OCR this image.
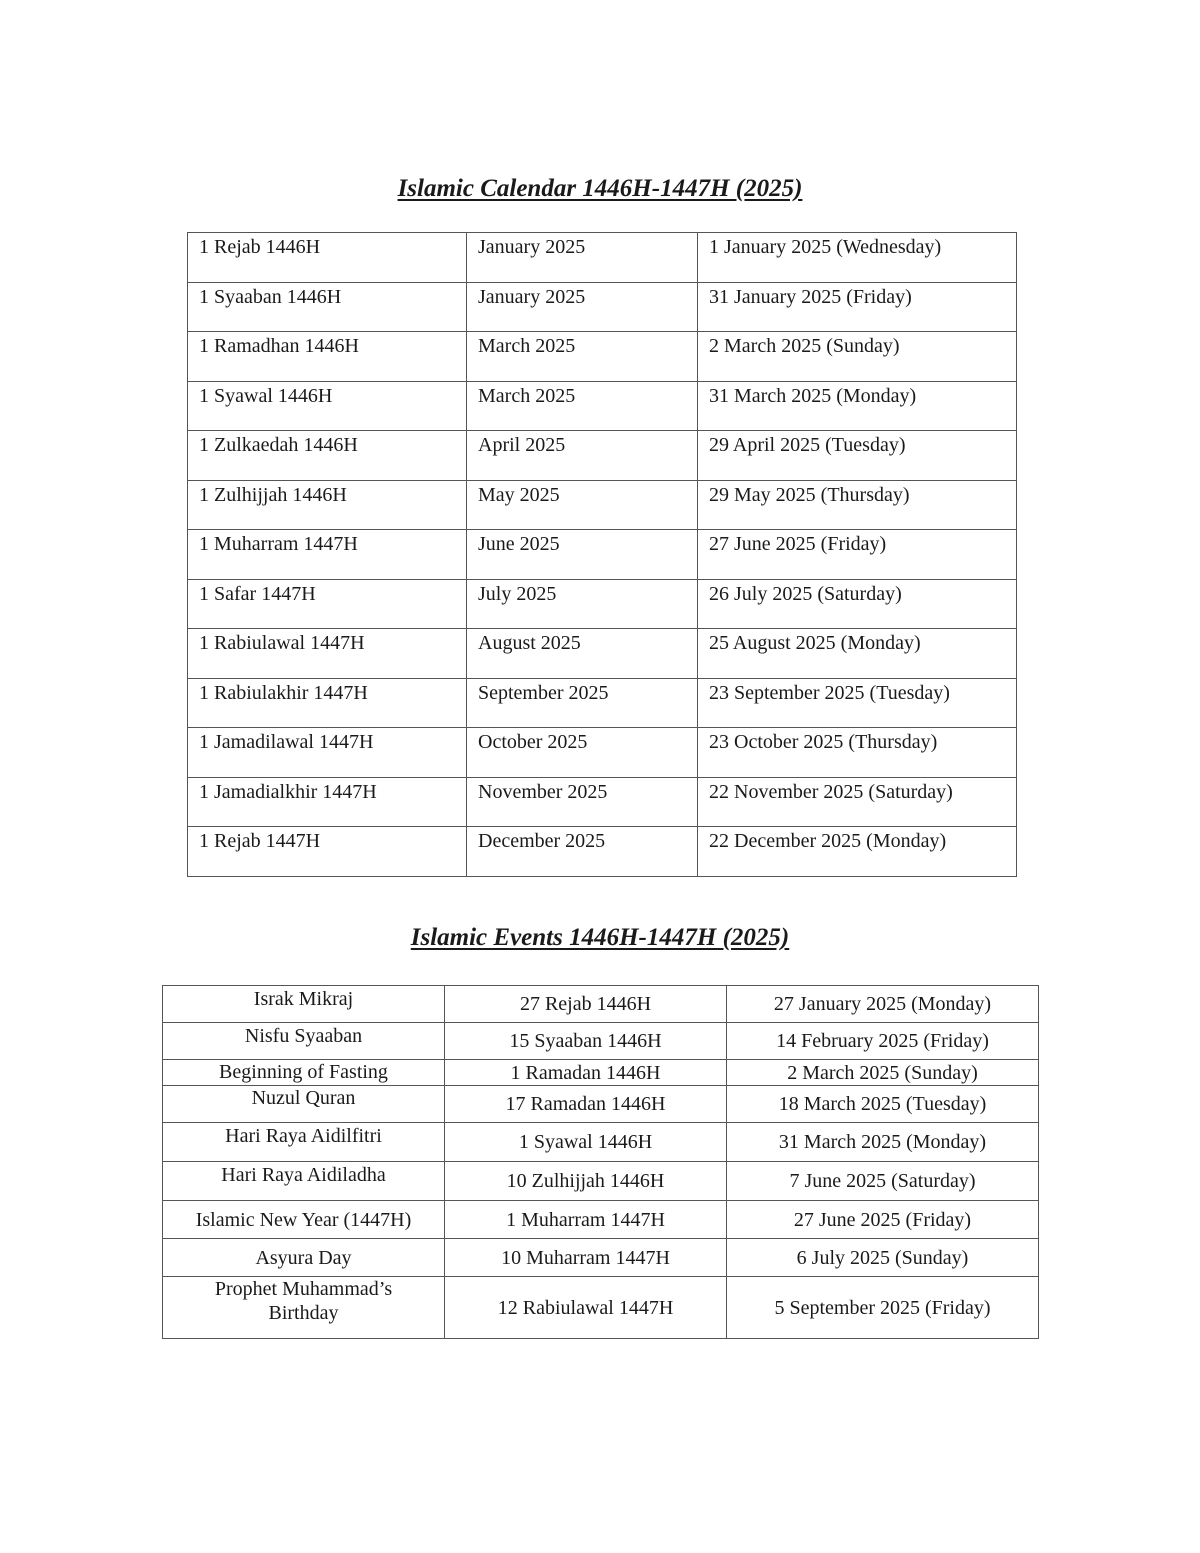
Islamic Calendar 1446H-1447H (2025)
1 Rejab 1446H	January 2025	1 January 2025 (Wednesday)
1 Syaaban 1446H	January 2025	31 January 2025 (Friday)
1 Ramadhan 1446H	March 2025	2 March 2025 (Sunday)
1 Syawal 1446H	March 2025	31 March 2025 (Monday)
1 Zulkaedah 1446H	April 2025	29 April 2025 (Tuesday)
1 Zulhijjah 1446H	May 2025	29 May 2025 (Thursday)
1 Muharram 1447H	June 2025	27 June 2025 (Friday)
1 Safar 1447H	July 2025	26 July 2025 (Saturday)
1 Rabiulawal 1447H	August 2025	25 August 2025 (Monday)
1 Rabiulakhir 1447H	September 2025	23 September 2025 (Tuesday)
1 Jamadilawal 1447H	October 2025	23 October 2025 (Thursday)
1 Jamadialkhir 1447H	November 2025	22 November 2025 (Saturday)
1 Rejab 1447H	December 2025	22 December 2025 (Monday)
Islamic Events 1446H-1447H (2025)
Israk Mikraj	27 Rejab 1446H	27 January 2025 (Monday)
Nisfu Syaaban	15 Syaaban 1446H	14 February 2025 (Friday)
Beginning of Fasting	1 Ramadan 1446H	2 March 2025 (Sunday)
Nuzul Quran	17 Ramadan 1446H	18 March 2025 (Tuesday)
Hari Raya Aidilfitri	1 Syawal 1446H	31 March 2025 (Monday)
Hari Raya Aidiladha	10 Zulhijjah 1446H	7 June 2025 (Saturday)
Islamic New Year (1447H)	1 Muharram 1447H	27 June 2025 (Friday)
Asyura Day	10 Muharram 1447H	6 July 2025 (Sunday)
Prophet Muhammad’s Birthday	12 Rabiulawal 1447H	5 September 2025 (Friday)
